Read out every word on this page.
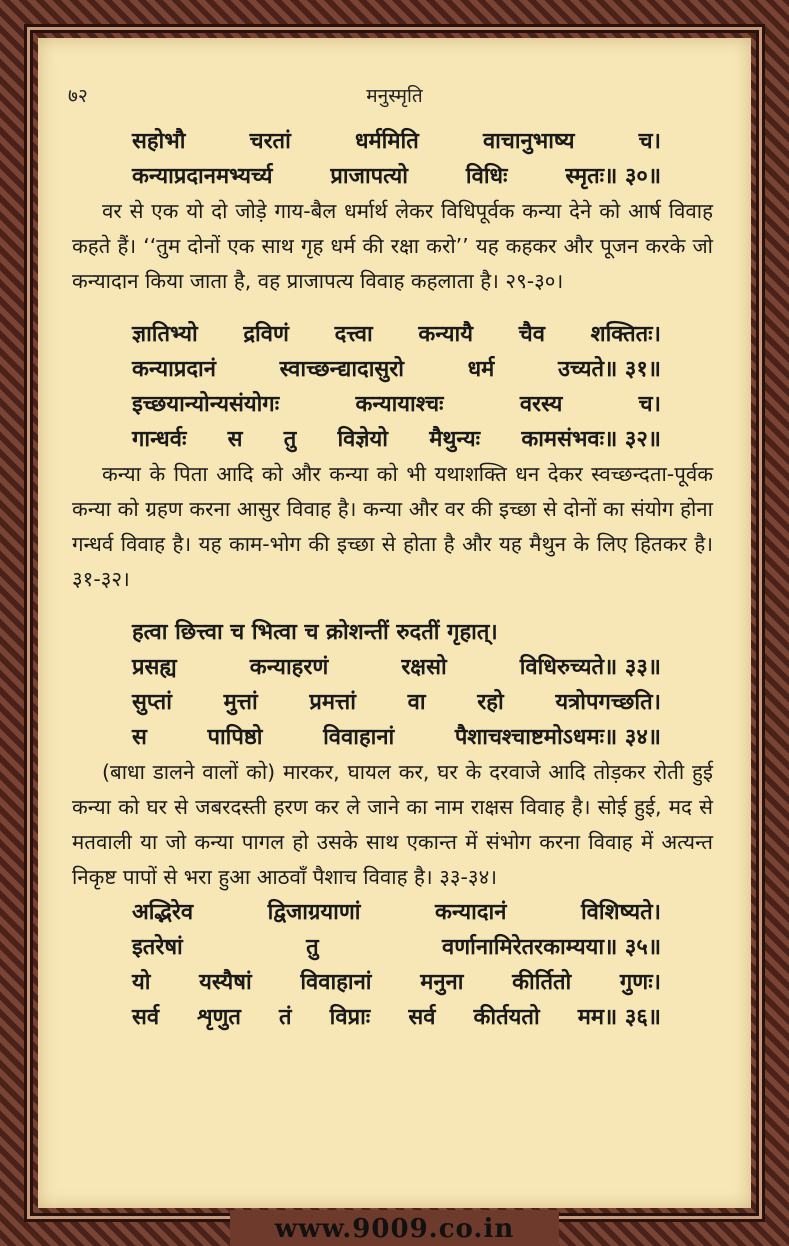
७२	मनुस्मृति
सहोभौ	चरतां	धर्ममिति	वाचानुभाष्य	च।
कन्याप्रदानमभ्यर्च्य	प्राजापत्यो	विधिः	स्मृतः॥ ३०॥

वर से एक यो दो जोड़े गाय-बैल धर्मार्थ लेकर विधिपूर्वक कन्या देने को आर्ष विवाह कहते हैं। ‘‘तुम दोनों एक साथ गृह धर्म की रक्षा करो’’ यह कहकर और पूजन करके जो कन्यादान किया जाता है, वह प्राजापत्य विवाह कहलाता है। २९-३०।

ज्ञातिभ्यो द्रविणं दत्त्वा कन्यायै चैव शक्तितः।
कन्याप्रदानं	स्वाच्छन्द्यादासुरो	धर्म	उच्यते॥ ३१॥
इच्छयान्योन्यसंयोगः	कन्यायाश्चः	वरस्य	च।
गान्धर्वः स तु विज्ञेयो मैथुन्यः कामसंभवः॥ ३२॥

कन्या के पिता आदि को और कन्या को भी यथाशक्ति धन देकर स्वच्छन्दता-पूर्वक कन्या को ग्रहण करना आसुर विवाह है। कन्या और वर की इच्छा से दोनों का संयोग होना गन्धर्व विवाह है। यह काम-भोग की इच्छा से होता है और यह मैथुन के लिए हितकर है। ३१-३२।

हत्वा छित्त्वा च भित्वा च क्रोशन्तीं रुदतीं गृहात्।
प्रसह्य	कन्याहरणं	रक्षसो	विधिरुच्यते॥ ३३॥
सुप्तां मुत्तां प्रमत्तां वा रहो यत्रोपगच्छति।
स	पापिष्ठो	विवाहानां	पैशाचश्चाष्टमोऽधमः॥ ३४॥

(बाधा डालने वालों को) मारकर, घायल कर, घर के दरवाजे आदि तोड़कर रोती हुई कन्या को घर से जबरदस्ती हरण कर ले जाने का नाम राक्षस विवाह है। सोई हुई, मद से मतवाली या जो कन्या पागल हो उसके साथ एकान्त में संभोग करना विवाह में अत्यन्त निकृष्ट पापों से भरा हुआ आठवाँ पैशाच विवाह है। ३३-३४।

अद्भिरेव	द्विजाग्रयाणां	कन्यादानं	विशिष्यते।
इतरेषां	तु	वर्णानामिरेतरकाम्यया॥ ३५॥
यो यस्यैषां विवाहानां मनुना कीर्तितो गुणः।
सर्व शृणुत तं विप्राः सर्व कीर्तयतो मम॥ ३६॥
www.9009.co.in
